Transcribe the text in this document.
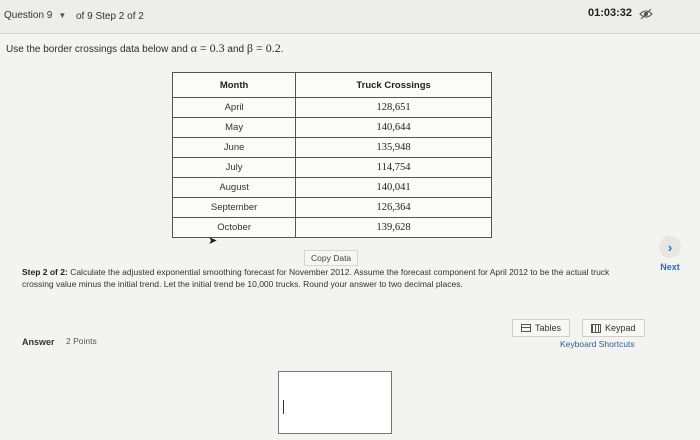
Question 9 ▼ of 9 Step 2 of 2	01:03:32
Use the border crossings data below and α = 0.3 and β = 0.2.
Month	Truck Crossings
April	128,651
May	140,644
June	135,948
July	114,754
August	140,041
September	126,364
October	139,628
➤
Copy Data
›
Next
Step 2 of 2: Calculate the adjusted exponential smoothing forecast for November 2012. Assume the forecast component for April 2012 to be the actual truck crossing value minus the initial trend. Let the initial trend be 10,000 trucks. Round your answer to two decimal places.
Answer 2 Points
Tables	Keypad
Keyboard Shortcuts
